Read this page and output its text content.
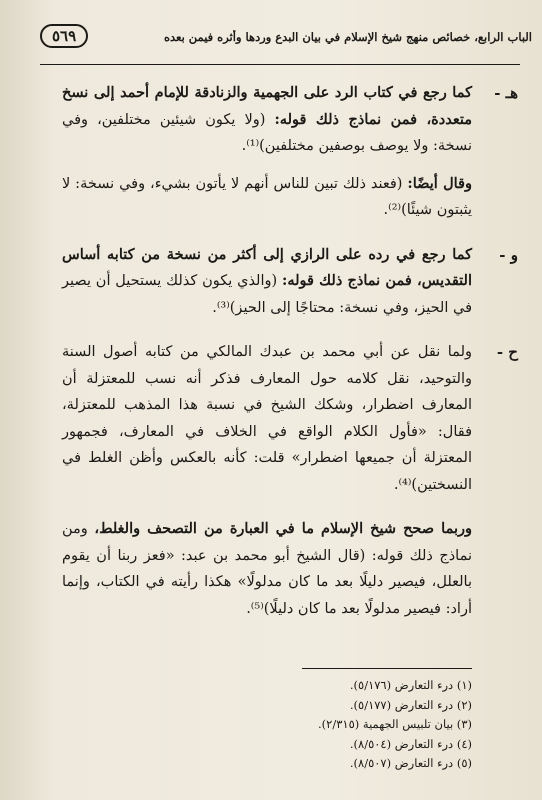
الباب الرابع، خصائص منهج شيخ الإسلام في بيان البدع وردها وأثره فيمن بعده
٥٦٩

هـ -
كما رجع في كتاب الرد على الجهمية والزنادقة للإمام أحمد إلى نسخ متعددة، فمن نماذج ذلك قوله: (ولا يكون شيئين مختلفين، وفي نسخة: ولا يوصف بوصفين مختلفين)⁽¹⁾.

وقال أيضًا: (فعند ذلك تبين للناس أنهم لا يأتون بشيء، وفي نسخة: لا يثبتون شيئًا)⁽²⁾.

و -
كما رجع في رده على الرازي إلى أكثر من نسخة من كتابه أساس التقديس، فمن نماذج ذلك قوله: (والذي يكون كذلك يستحيل أن يصير في الحيز، وفي نسخة: محتاجًا إلى الحيز)⁽³⁾.

ح -
ولما نقل عن أبي محمد بن عبدك المالكي من كتابه أصول السنة والتوحيد، نقل كلامه حول المعارف فذكر أنه نسب للمعتزلة أن المعارف اضطرار، وشكك الشيخ في نسبة هذا المذهب للمعتزلة، فقال: «فأول الكلام الواقع في الخلاف في المعارف، فجمهور المعتزلة أن جميعها اضطرار» قلت: كأنه بالعكس وأظن الغلط في النسختين)⁽⁴⁾.

وربما صحح شيخ الإسلام ما في العبارة من التصحف والغلط، ومن نماذج ذلك قوله: (قال الشيخ أبو محمد بن عبد: «فعز ربنا أن يقوم بالعلل، فيصير دليلًا بعد ما كان مدلولًا» هكذا رأيته في الكتاب، وإنما أراد: فيصير مدلولًا بعد ما كان دليلًا)⁽⁵⁾.

(١) درء التعارض (٥/١٧٦).
(٢) درء التعارض (٥/١٧٧).
(٣) بيان تلبيس الجهمية (٢/٣١٥).
(٤) درء التعارض (٨/٥٠٤).
(٥) درء التعارض (٨/٥٠٧).
